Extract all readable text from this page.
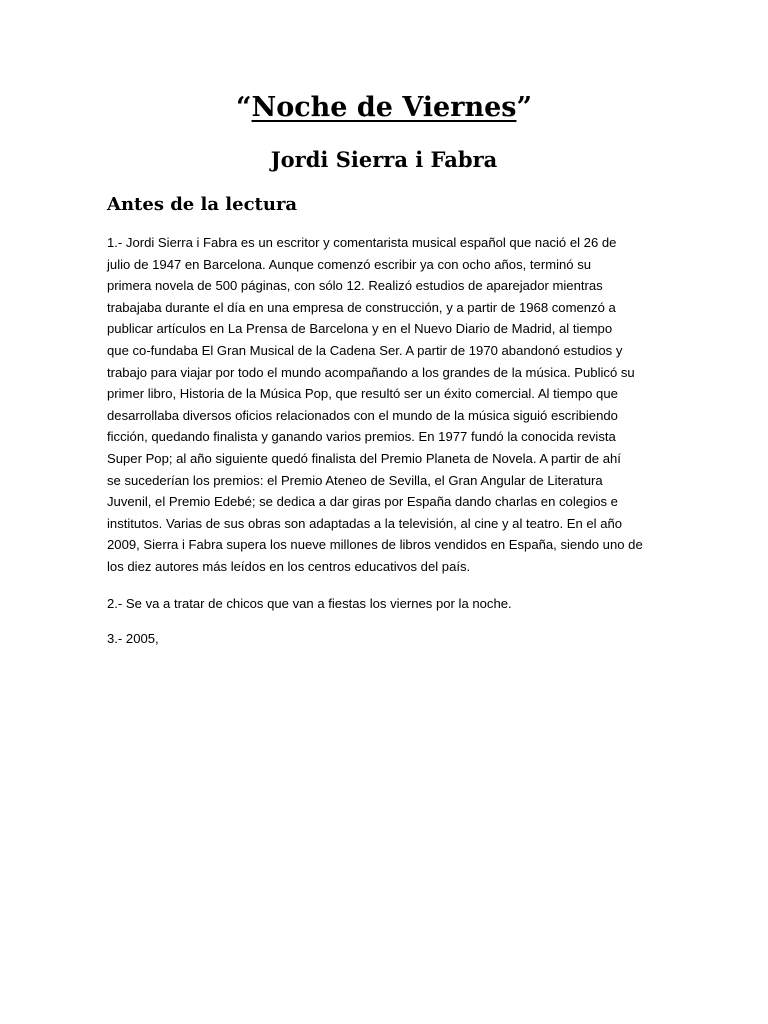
“Noche de Viernes”
Jordi Sierra i Fabra
Antes de la lectura

1.- Jordi Sierra i Fabra es un escritor y comentarista musical español que nació el 26 de
julio de 1947 en Barcelona. Aunque comenzó escribir ya con ocho años, terminó su
primera novela de 500 páginas, con sólo 12. Realizó estudios de aparejador mientras
trabajaba durante el día en una empresa de construcción, y a partir de 1968 comenzó a
publicar artículos en La Prensa de Barcelona y en el Nuevo Diario de Madrid, al tiempo
que co-fundaba El Gran Musical de la Cadena Ser. A partir de 1970 abandonó estudios y
trabajo para viajar por todo el mundo acompañando a los grandes de la música. Publicó su
primer libro, Historia de la Música Pop, que resultó ser un éxito comercial. Al tiempo que
desarrollaba diversos oficios relacionados con el mundo de la música siguió escribiendo
ficción, quedando finalista y ganando varios premios. En 1977 fundó la conocida revista
Super Pop; al año siguiente quedó finalista del Premio Planeta de Novela. A partir de ahí
se sucederían los premios: el Premio Ateneo de Sevilla, el Gran Angular de Literatura
Juvenil, el Premio Edebé; se dedica a dar giras por España dando charlas en colegios e
institutos. Varias de sus obras son adaptadas a la televisión, al cine y al teatro. En el año
2009, Sierra i Fabra supera los nueve millones de libros vendidos en España, siendo uno de
los diez autores más leídos en los centros educativos del país.

2.- Se va a tratar de chicos que van a fiestas los viernes por la noche.

3.- 2005,
